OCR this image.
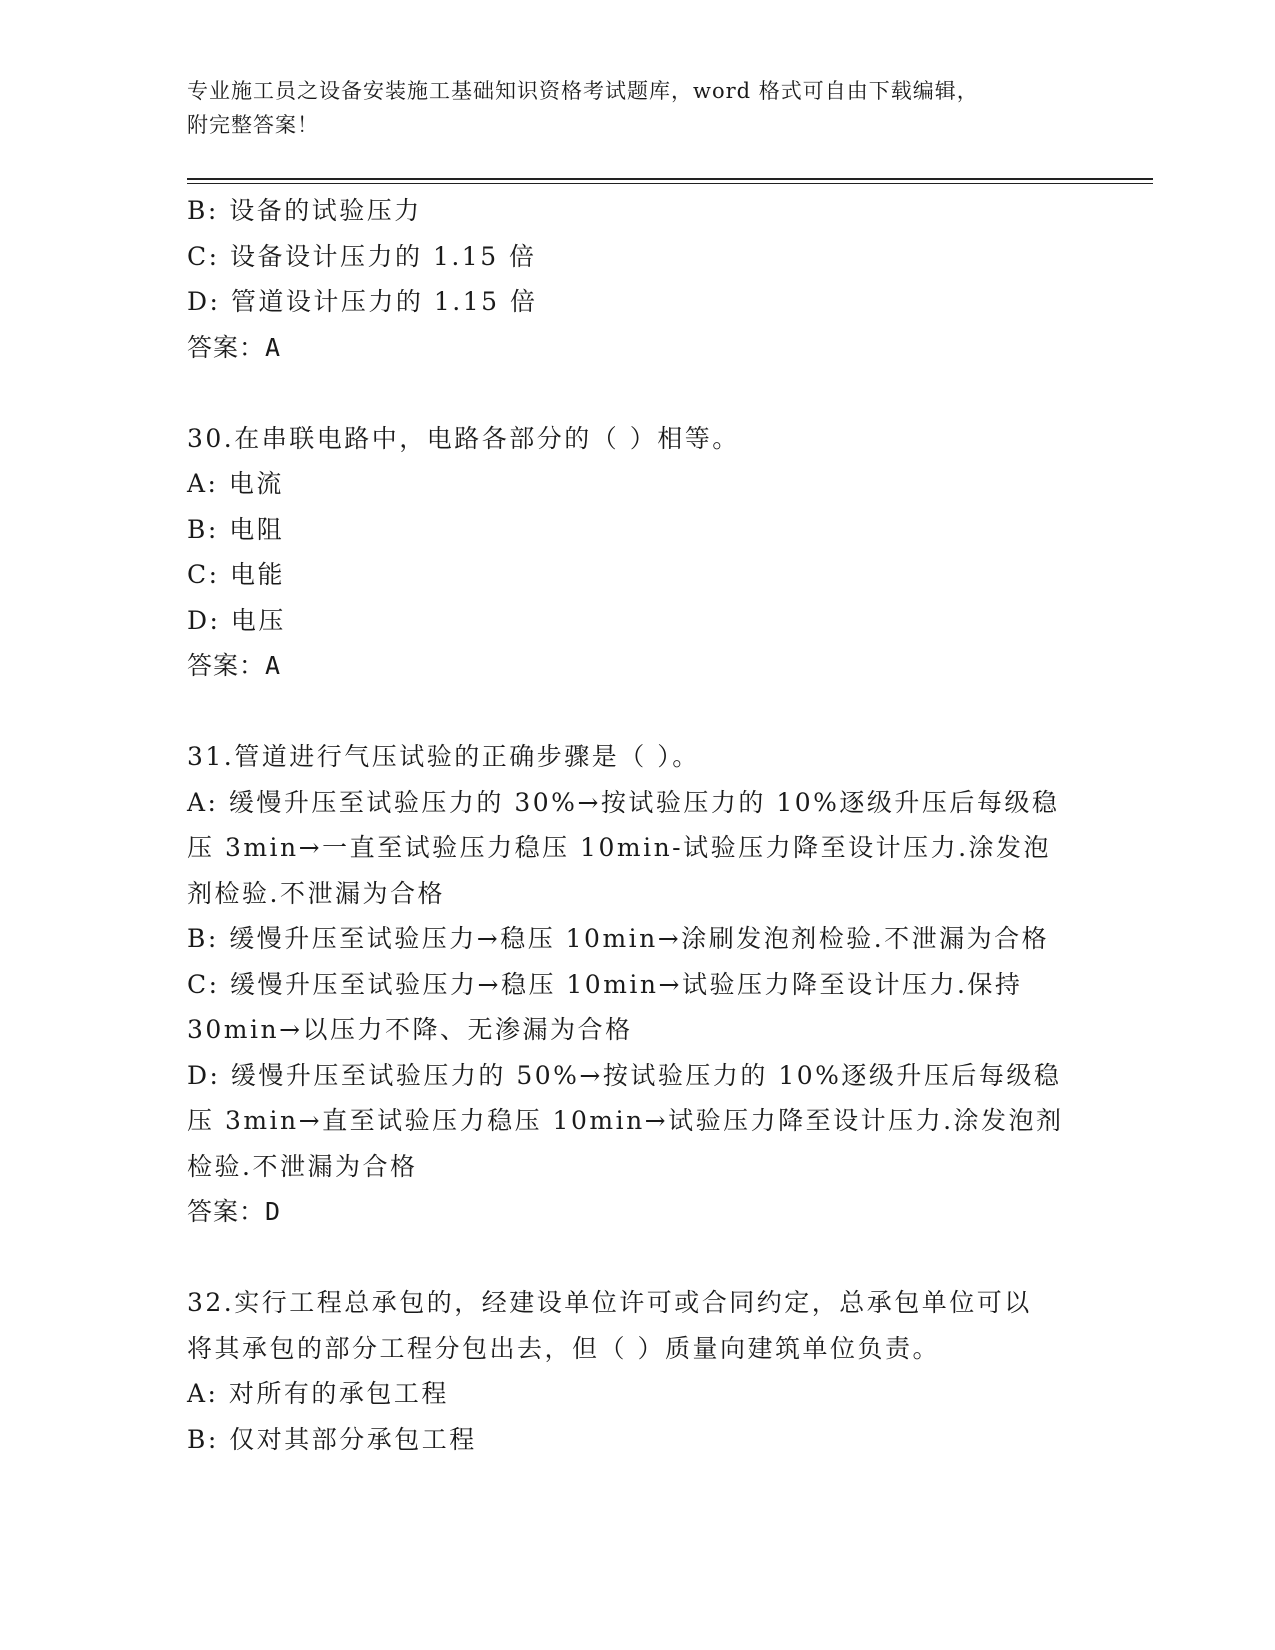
专业施工员之设备安装施工基础知识资格考试题库，word 格式可自由下载编辑，
附完整答案！
B: 设备的试验压力
C: 设备设计压力的 1.15 倍
D: 管道设计压力的 1.15 倍
答案：A
30.在串联电路中，电路各部分的（ ）相等。
A: 电流
B: 电阻
C: 电能
D: 电压
答案：A
31.管道进行气压试验的正确步骤是（ ）。
A: 缓慢升压至试验压力的 30%→按试验压力的 10%逐级升压后每级稳
压 3min→一直至试验压力稳压 10min-试验压力降至设计压力.涂发泡
剂检验.不泄漏为合格
B: 缓慢升压至试验压力→稳压 10min→涂刷发泡剂检验.不泄漏为合格
C: 缓慢升压至试验压力→稳压 10min→试验压力降至设计压力.保持
30min→以压力不降、无渗漏为合格
D: 缓慢升压至试验压力的 50%→按试验压力的 10%逐级升压后每级稳
压 3min→直至试验压力稳压 10min→试验压力降至设计压力.涂发泡剂
检验.不泄漏为合格
答案：D
32.实行工程总承包的，经建设单位许可或合同约定，总承包单位可以
将其承包的部分工程分包出去，但（ ）质量向建筑单位负责。
A: 对所有的承包工程
B: 仅对其部分承包工程
